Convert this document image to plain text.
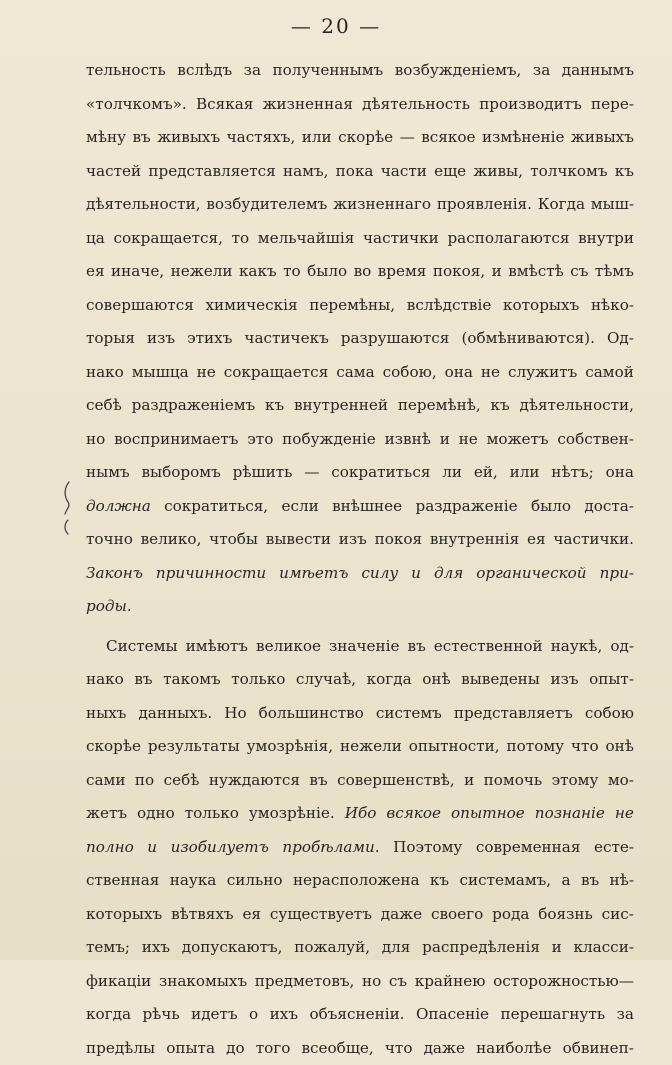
— 20 —
тельность вслѣдъ за полученнымъ возбужденіемъ, за даннымъ
«толчкомъ». Всякая жизненная дѣятельность производитъ пере-
мѣну въ живыхъ частяхъ, или скорѣе — всякое измѣненіе живыхъ
частей представляется намъ, пока части еще живы, толчкомъ къ
дѣятельности, возбудителемъ жизненнаго проявленія. Когда мыш-
ца сокращается, то мельчайшія частички располагаются внутри
ея иначе, нежели какъ то было во время покоя, и вмѣстѣ съ тѣмъ
совершаются химическія перемѣны, вслѣдствіе которыхъ нѣко-
торыя изъ этихъ частичекъ разрушаются (обмѣниваются). Од-
нако мышца не сокращается сама собою, она не служитъ самой
себѣ раздраженіемъ къ внутренней перемѣнѣ, къ дѣятельности,
но воспринимаетъ это побужденіе извнѣ и не можетъ собствен-
нымъ выборомъ рѣшить — сократиться ли ей, или нѣтъ; она
должна сократиться, если внѣшнее раздраженіе было доста-
точно велико, чтобы вывести изъ покоя внутреннія ея частички.
Законъ причинности имѣетъ силу и для органической при-
роды.
Системы имѣютъ великое значеніе въ естественной наукѣ, од-
нако въ такомъ только случаѣ, когда онѣ выведены изъ опыт-
ныхъ данныхъ. Но большинство системъ представляетъ собою
скорѣе результаты умозрѣнія, нежели опытности, потому что онѣ
сами по себѣ нуждаются въ совершенствѣ, и помочь этому мо-
жетъ одно только умозрѣніе. Ибо всякое опытное познаніе не
полно и изобилуетъ пробѣлами. Поэтому современная есте-
ственная наука сильно нерасположена къ системамъ, а въ нѣ-
которыхъ вѣтвяхъ ея существуетъ даже своего рода боязнь сис-
темъ; ихъ допускаютъ, пожалуй, для распредѣленія и класси-
фикаціи знакомыхъ предметовъ, но съ крайнею осторожностью—
когда рѣчь идетъ о ихъ объясненіи. Опасеніе перешагнуть за
предѣлы опыта до того всеобще, что даже наиболѣе обвинеп-
